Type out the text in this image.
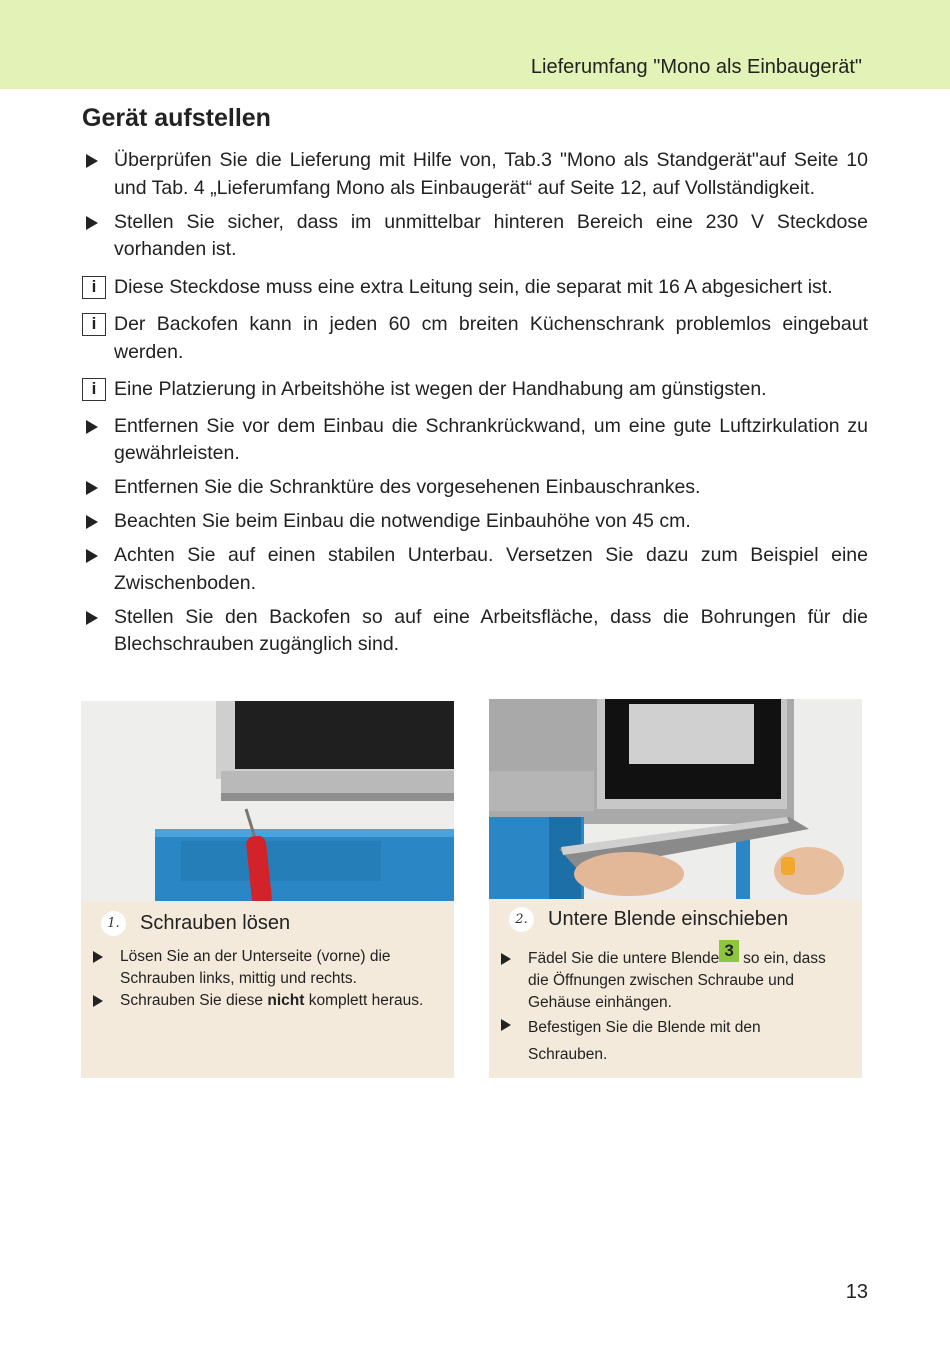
Lieferumfang "Mono als Einbaugerät"
Gerät aufstellen
Überprüfen Sie die Lieferung mit Hilfe von, Tab.3 "Mono als Standgerät"auf Seite 10 und Tab. 4 „Lieferumfang Mono als Einbaugerät“ auf Seite 12, auf Vollständigkeit.
Stellen Sie sicher, dass im unmittelbar hinteren Bereich eine 230 V Steckdose vorhanden ist.
i Diese Steckdose muss eine extra Leitung sein, die separat mit 16 A abgesichert ist.
i Der Backofen kann in jeden 60 cm breiten Küchenschrank problemlos eingebaut werden.
i Eine Platzierung in Arbeitshöhe ist wegen der Handhabung am günstigsten.
Entfernen Sie vor dem Einbau die Schrankrückwand, um eine gute Luftzirkulation zu gewährleisten.
Entfernen Sie die Schranktüre des vorgesehenen Einbauschrankes.
Beachten Sie beim Einbau die notwendige Einbauhöhe von 45 cm.
Achten Sie auf einen stabilen Unterbau. Versetzen Sie dazu zum Beispiel eine Zwischenboden.
Stellen Sie den Backofen so auf eine Arbeitsfläche, dass die Bohrungen für die Blechschrauben zugänglich sind.
1. Schrauben lösen
Lösen Sie an der Unterseite (vorne) die Schrauben links, mittig und rechts.
Schrauben Sie diese nicht komplett heraus.
2. Untere Blende einschieben
Fädel Sie die untere Blende 3 so ein, dass die Öffnungen zwischen Schraube und Gehäuse einhängen.
Befestigen Sie die Blende mit den Schrauben.
13
